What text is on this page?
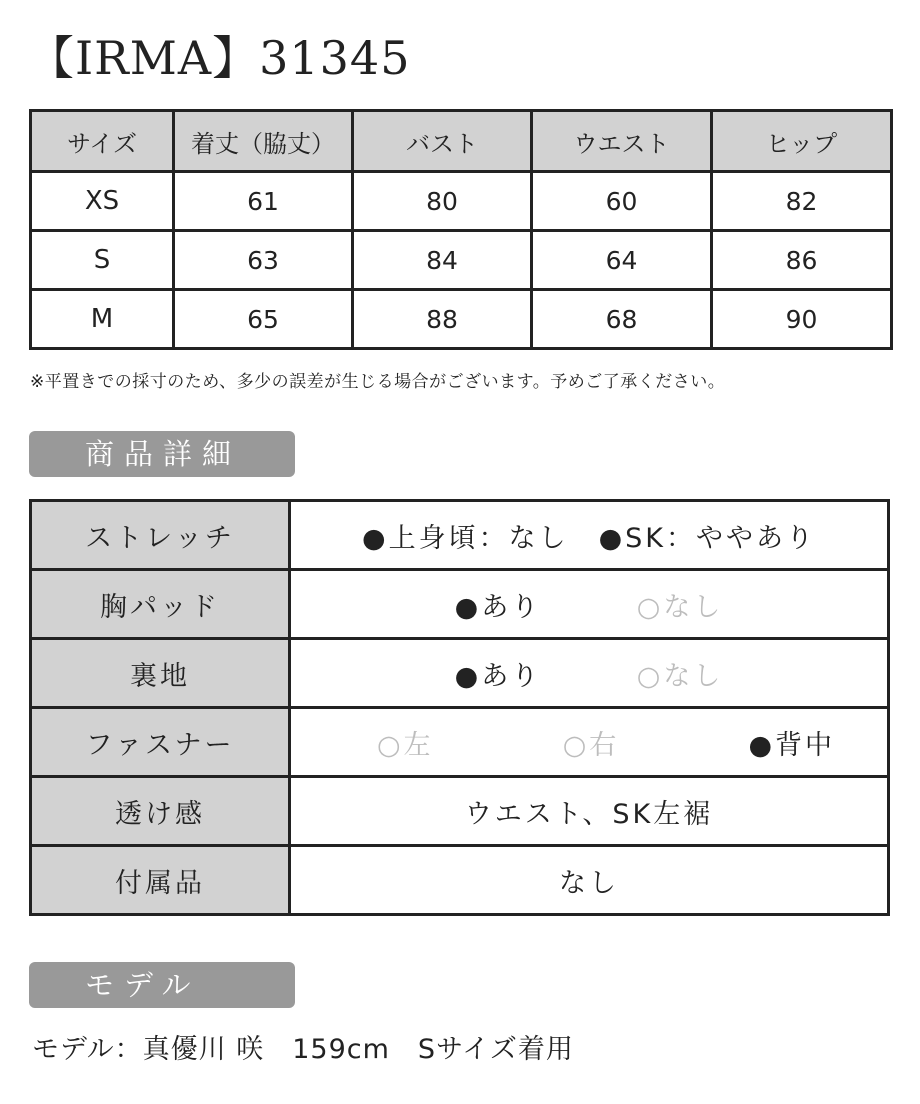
【IRMA】31345
サイズ	着丈（脇丈）	バスト	ウエスト	ヒップ
XS	61	80	60	82
S	63	84	64	86
M	65	88	68	90
※平置きでの採寸のため、多少の誤差が生じる場合がございます。予めご了承ください。
商品詳細
ストレッチ	●上身頃：なし　●SK：ややあり
胸パッド	●あり ○なし
裏地	●あり ○なし
ファスナー	○左 ○右 ●背中

透け感	ウエスト、SK左裾
付属品	なし
モデル
モデル：真優川 咲　159cm　Sサイズ着用
